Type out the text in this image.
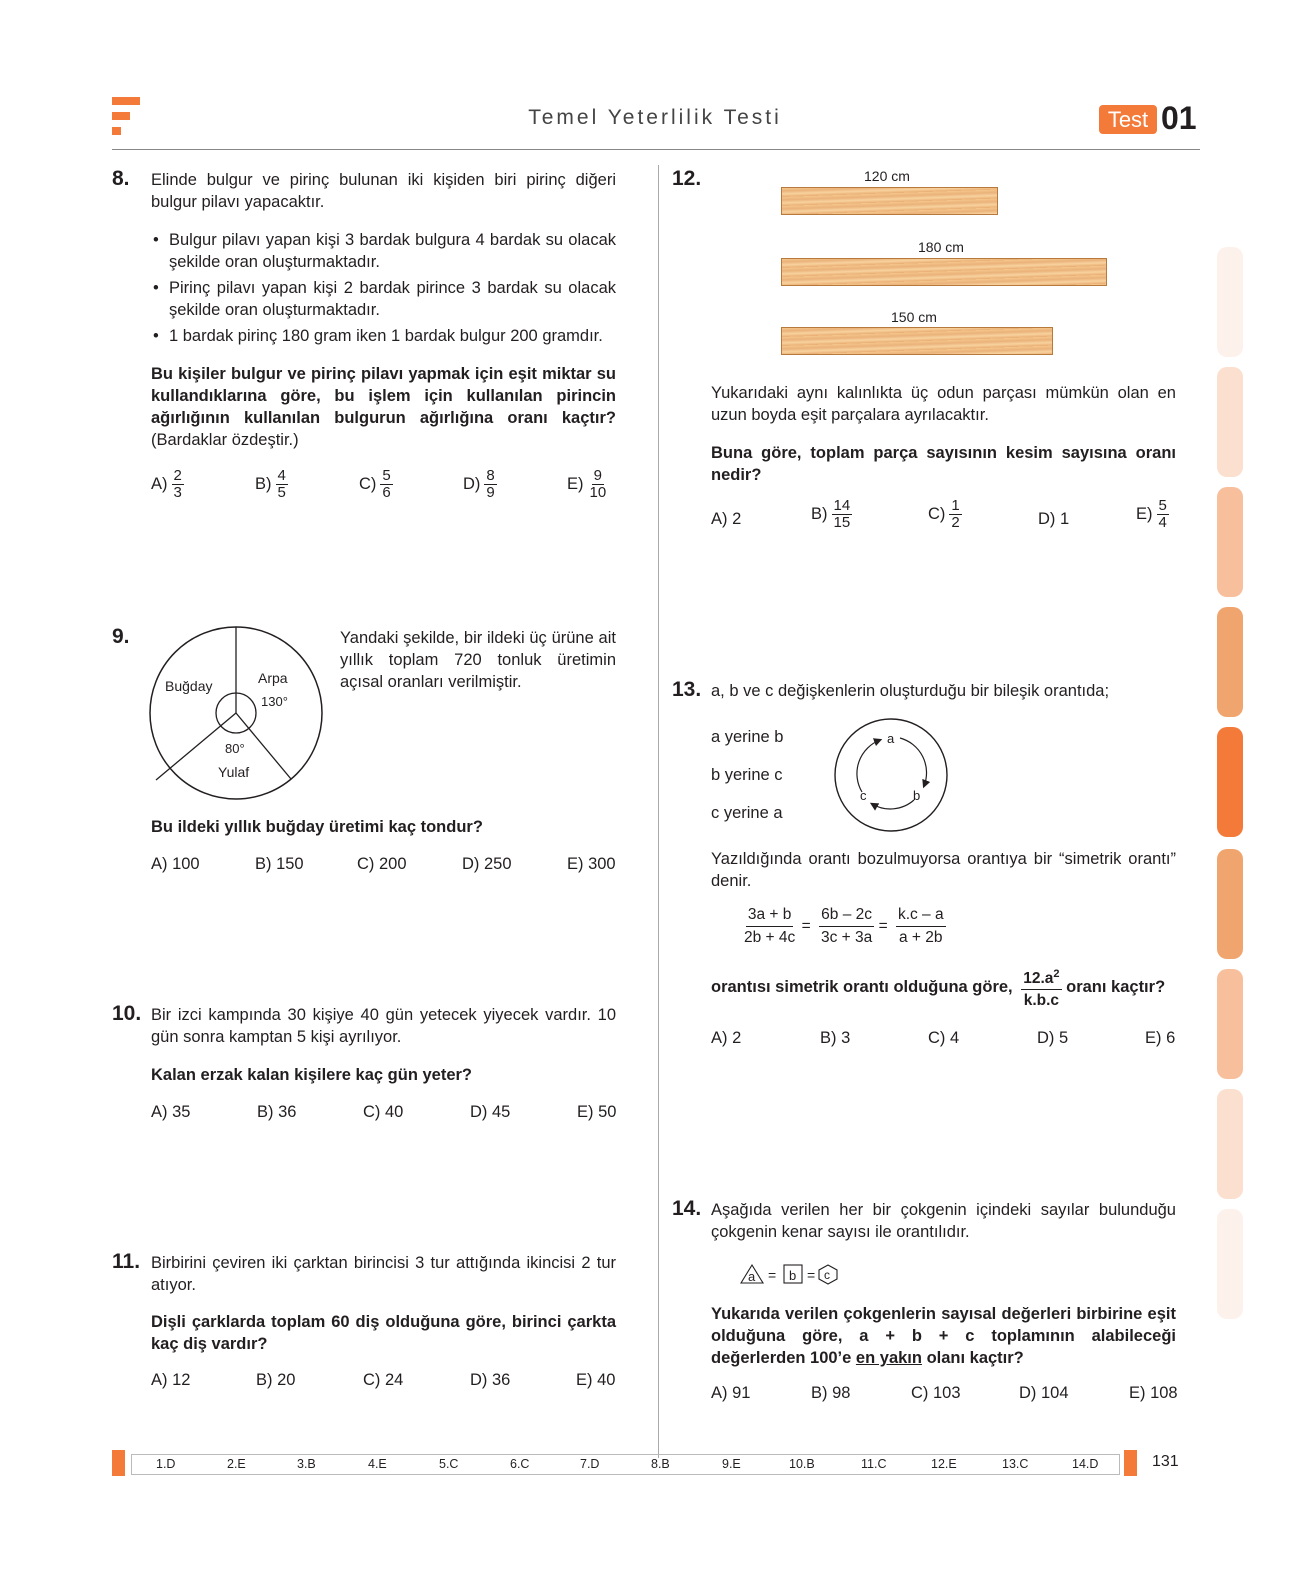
Temel Yeterlilik Testi	Test 01
8. Elinde bulgur ve pirinç bulunan iki kişiden biri pirinç diğeri bulgur pilavı yapacaktır.
• Bulgur pilavı yapan kişi 3 bardak bulgura 4 bardak su olacak şekilde oran oluşturmaktadır.
• Pirinç pilavı yapan kişi 2 bardak pirince 3 bardak su olacak şekilde oran oluşturmaktadır.
• 1 bardak pirinç 180 gram iken 1 bardak bulgur 200 gramdır.
Bu kişiler bulgur ve pirinç pilavı yapmak için eşit miktar su kullandıklarına göre, bu işlem için kullanılan pirincin ağırlığının kullanılan bulgurun ağırlığına oranı kaçtır? (Bardaklar özdeştir.)
$A) \frac{2}{3}$	$B) \frac{4}{5}$	$C) \frac{5}{6}$	$D) \frac{8}{9}$	$E) \frac{9}{10}$
9.
Buğday	Arpa
130°
80°
Yulaf
Yandaki şekilde, bir ildeki üç ürüne ait yıllık toplam 720 tonluk üretimin açısal oranları verilmiştir.
Bu ildeki yıllık buğday üretimi kaç tondur?
A) 100	B) 150	C) 200	D) 250	E) 300
10. Bir izci kampında 30 kişiye 40 gün yetecek yiyecek vardır. 10 gün sonra kamptan 5 kişi ayrılıyor.
Kalan erzak kalan kişilere kaç gün yeter?
A) 35	B) 36	C) 40	D) 45	E) 50
11. Birbirini çeviren iki çarktan birincisi 3 tur attığında ikincisi 2 tur atıyor.
Dişli çarklarda toplam 60 diş olduğuna göre, birinci çarkta kaç diş vardır?
A) 12	B) 20	C) 24	D) 36	E) 40
12.	120 cm
180 cm
150 cm
Yukarıdaki aynı kalınlıkta üç odun parçası mümkün olan en uzun boyda eşit parçalara ayrılacaktır.
Buna göre, toplam parça sayısının kesim sayısına oranı nedir?
A) 2	$B) \frac{14}{15}$	$C) \frac{1}{2}$	D) 1	$E) \frac{5}{4}$
13. a, b ve c değişkenlerin oluşturduğu bir bileşik orantıda;
a yerine b
b yerine c
c yerine a
a
b
c
Yazıldığında orantı bozulmuyorsa orantıya bir “simetrik orantı” denir.
$\frac{3a + b}{2b + 4c} = \frac{6b - 2c}{3c + 3a} = \frac{k.c - a}{a + 2b}$
orantısı simetrik orantı olduğuna göre, $\frac{12.a^2}{k.b.c}$ oranı kaçtır?
A) 2	B) 3	C) 4	D) 5	E) 6
14. Aşağıda verilen her bir çokgenin içindeki sayılar bulunduğu çokgenin kenar sayısı ile orantılıdır.
a = b = c
Yukarıda verilen çokgenlerin sayısal değerleri birbirine eşit olduğuna göre, a + b + c toplamının alabileceği değerlerden 100’e en yakın olanı kaçtır?
A) 91	B) 98	C) 103	D) 104	E) 108
1.D	2.E	3.B	4.E	5.C	6.C	7.D	8.B	9.E	10.B	11.C	12.E	13.C	14.D	131
